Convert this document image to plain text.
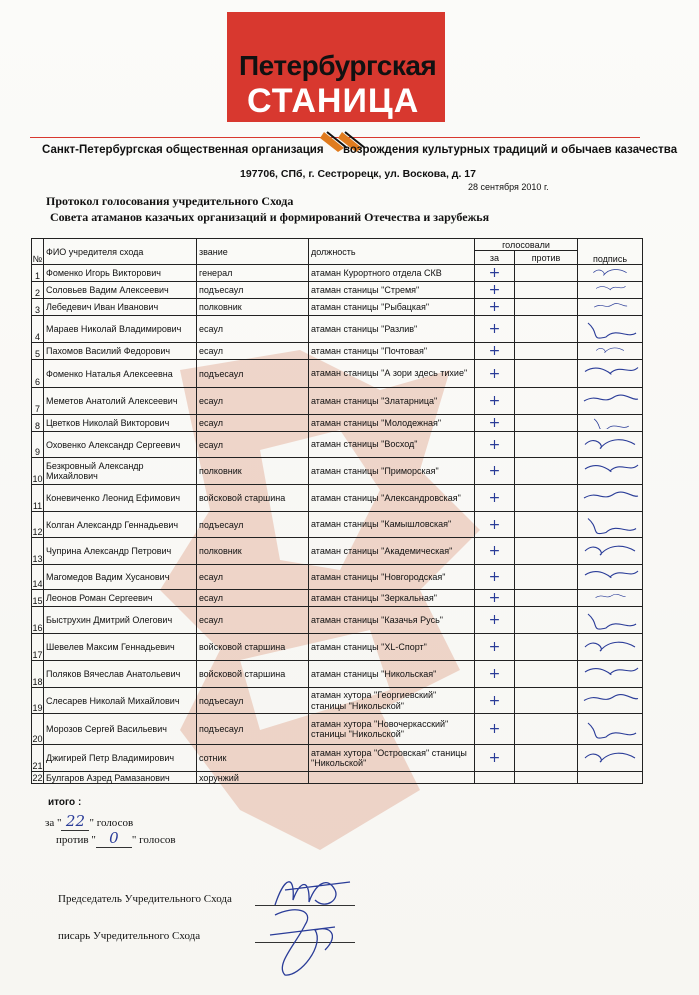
Петербургская
СТАНИЦА
Санкт-Петербургская общественная организация возрождения культурных традиций и обычаев казачества
197706, СПб, г. Сестрорецк, ул. Воскова, д. 17
28 сентября 2010 г.
Протокол голосования учредительного Схода
Совета атаманов казачьих организаций и формирований Отечества и зарубежья
№	ФИО учредителя схода	звание	должность	голосовали		подпись
				за	против	
1	Фоменко Игорь Викторович	генерал	атаман Курортного отдела СКВ	+		
2	Соловьев Вадим Алексеевич	подъесаул	атаман станицы "Стремя"	+		
3	Лебедевич Иван Иванович	полковник	атаман станицы "Рыбацкая"	+		
4	Мараев Николай Владимирович	есаул	атаман станицы "Разлив"	+		
5	Пахомов Василий Федорович	есаул	атаман станицы "Почтовая"	+		
6	Фоменко Наталья Алексеевна	подъесаул	атаман станицы "А зори здесь тихие"	+		
7	Меметов Анатолий Алексеевич	есаул	атаман станицы "Златарница"	+		
8	Цветков Николай Викторович	есаул	атаман станицы "Молодежная"	+		
9	Оховенко Александр Сергеевич	есаул	атаман станицы "Восход"	+		
10	Безкровный Александр Михайлович	полковник	атаман станицы "Приморская"	+		
11	Коневиченко Леонид Ефимович	войсковой старшина	атаман станицы "Александровская"	+		
12	Колган Александр Геннадьевич	подъесаул	атаман станицы "Камышловская"	+		
13	Чуприна Александр Петрович	полковник	атаман станицы "Академическая"	+		
14	Магомедов Вадим Хусанович	есаул	атаман станицы "Новгородская"	+		
15	Леонов Роман Сергеевич	есаул	атаман станицы "Зеркальная"	+		
16	Быструхин Дмитрий Олегович	есаул	атаман станицы "Казачья Русь"	+		
17	Шевелев Максим Геннадьевич	войсковой старшина	атаман станицы "XL-Спорт"	+		
18	Поляков Вячеслав Анатольевич	войсковой старшина	атаман станицы "Никольская"	+		
19	Слесарев Николай Михайлович	подъесаул	атаман хутора "Георгиевский" станицы "Никольской"	+		
20	Морозов Сергей Васильевич	подъесаул	атаман хутора "Новочеркасский" станицы "Никольской"	+		
21	Джигирей Петр Владимирович	сотник	атаман хутора "Островская" станицы "Никольской"	+		
22	Булгаров Азред Рамазанович	хорунжий				
итого :
за " 22 " голосов
против " 0 " голосов
Председатель Учредительного Схода
писарь Учредительного Схода
